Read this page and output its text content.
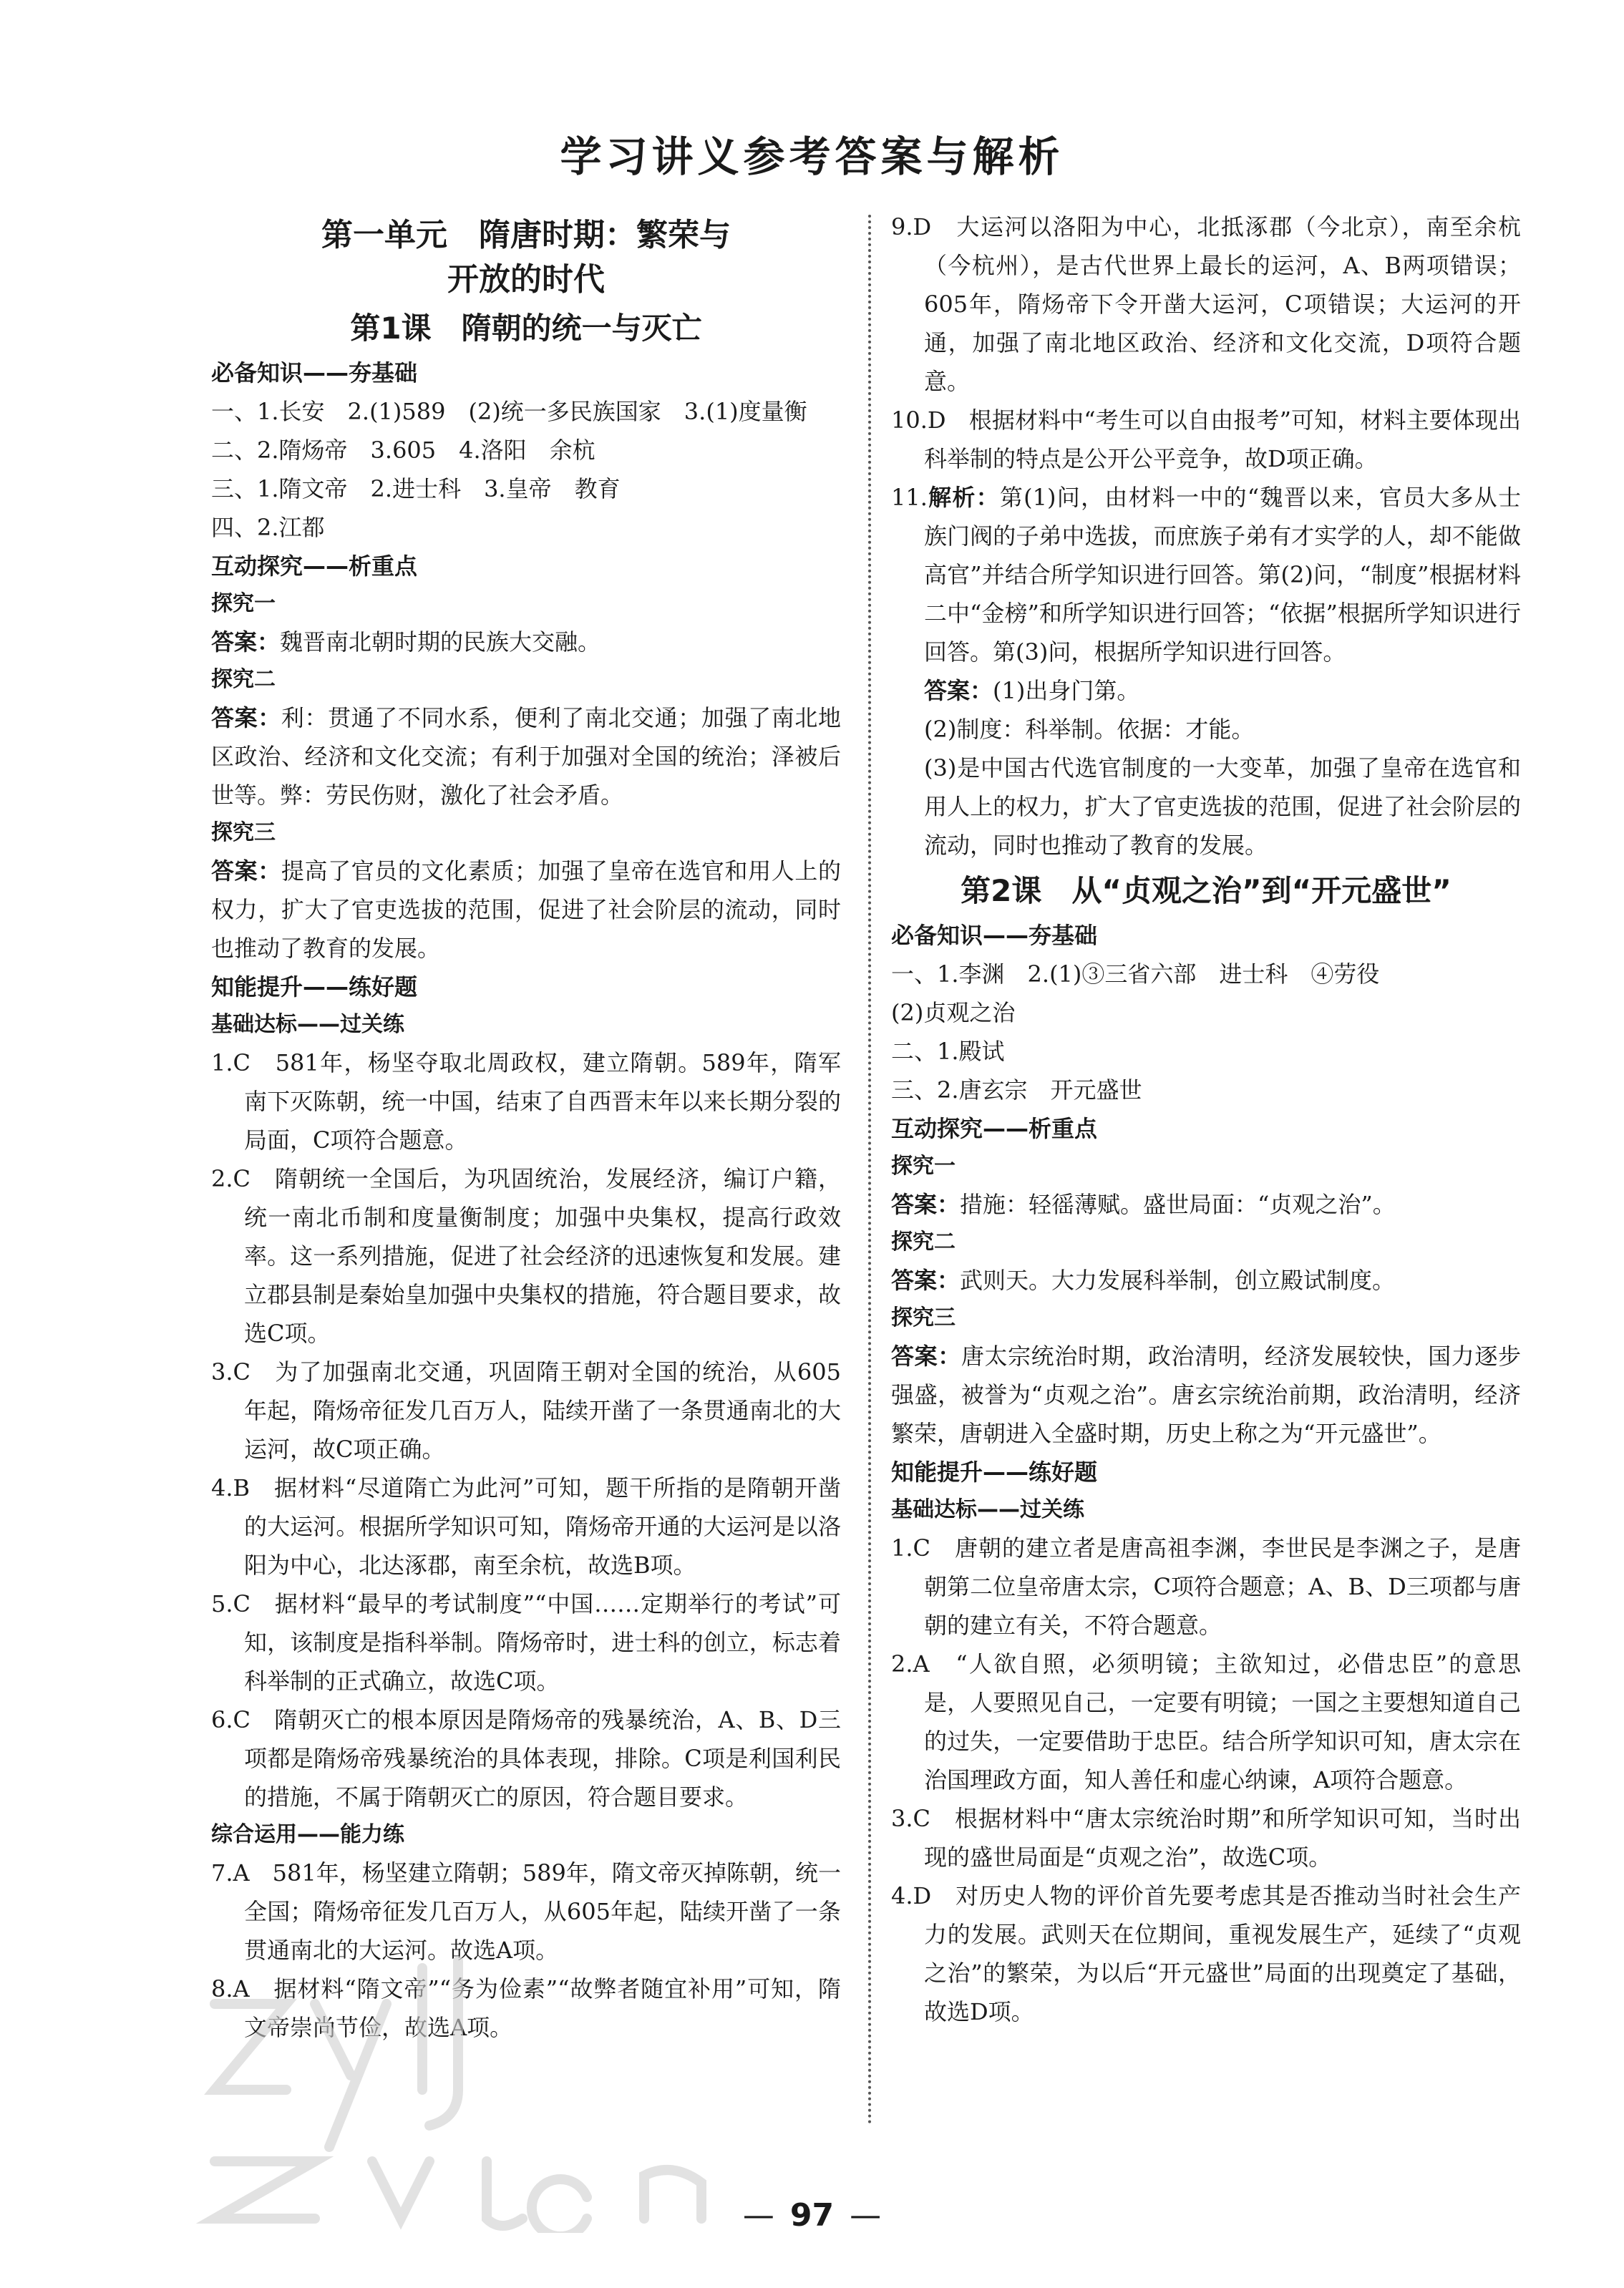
学习讲义参考答案与解析
第一单元　隋唐时期：繁荣与
开放的时代
第1课　隋朝的统一与灭亡
必备知识——夯基础

一、1.长安　2.(1)589　(2)统一多民族国家　3.(1)度量衡

二、2.隋炀帝　3.605　4.洛阳　余杭

三、1.隋文帝　2.进士科　3.皇帝　教育

四、2.江都

互动探究——析重点
探究一

答案：魏晋南北朝时期的民族大交融。

探究二

答案：利：贯通了不同水系，便利了南北交通；加强了南北地区政治、经济和文化交流；有利于加强对全国的统治；泽被后世等。弊：劳民伤财，激化了社会矛盾。

探究三

答案：提高了官员的文化素质；加强了皇帝在选官和用人上的权力，扩大了官吏选拔的范围，促进了社会阶层的流动，同时也推动了教育的发展。

知能提升——练好题
基础达标——过关练

1.C　581年，杨坚夺取北周政权，建立隋朝。589年，隋军南下灭陈朝，统一中国，结束了自西晋末年以来长期分裂的局面，C项符合题意。

2.C　隋朝统一全国后，为巩固统治，发展经济，编订户籍，统一南北币制和度量衡制度；加强中央集权，提高行政效率。这一系列措施，促进了社会经济的迅速恢复和发展。建立郡县制是秦始皇加强中央集权的措施，符合题目要求，故选C项。

3.C　为了加强南北交通，巩固隋王朝对全国的统治，从605年起，隋炀帝征发几百万人，陆续开凿了一条贯通南北的大运河，故C项正确。

4.B　据材料“尽道隋亡为此河”可知，题干所指的是隋朝开凿的大运河。根据所学知识可知，隋炀帝开通的大运河是以洛阳为中心，北达涿郡，南至余杭，故选B项。

5.C　据材料“最早的考试制度”“中国……定期举行的考试”可知，该制度是指科举制。隋炀帝时，进士科的创立，标志着科举制的正式确立，故选C项。

6.C　隋朝灭亡的根本原因是隋炀帝的残暴统治，A、B、D三项都是隋炀帝残暴统治的具体表现，排除。C项是利国利民的措施，不属于隋朝灭亡的原因，符合题目要求。

综合运用——能力练

7.A　581年，杨坚建立隋朝；589年，隋文帝灭掉陈朝，统一全国；隋炀帝征发几百万人，从605年起，陆续开凿了一条贯通南北的大运河。故选A项。

8.A　据材料“隋文帝”“务为俭素”“故弊者随宜补用”可知，隋文帝崇尚节俭，故选A项。

9.D　大运河以洛阳为中心，北抵涿郡（今北京），南至余杭（今杭州），是古代世界上最长的运河，A、B两项错误；605年，隋炀帝下令开凿大运河，C项错误；大运河的开通，加强了南北地区政治、经济和文化交流，D项符合题意。

10.D　根据材料中“考生可以自由报考”可知，材料主要体现出科举制的特点是公开公平竞争，故D项正确。

11.解析：第(1)问，由材料一中的“魏晋以来，官员大多从士族门阀的子弟中选拔，而庶族子弟有才实学的人，却不能做高官”并结合所学知识进行回答。第(2)问，“制度”根据材料二中“金榜”和所学知识进行回答；“依据”根据所学知识进行回答。第(3)问，根据所学知识进行回答。

答案：(1)出身门第。

(2)制度：科举制。依据：才能。

(3)是中国古代选官制度的一大变革，加强了皇帝在选官和用人上的权力，扩大了官吏选拔的范围，促进了社会阶层的流动，同时也推动了教育的发展。

第2课　从“贞观之治”到“开元盛世”
必备知识——夯基础

一、1.李渊　2.(1)③三省六部　进士科　④劳役

(2)贞观之治

二、1.殿试

三、2.唐玄宗　开元盛世

互动探究——析重点
探究一

答案：措施：轻徭薄赋。盛世局面：“贞观之治”。

探究二

答案：武则天。大力发展科举制，创立殿试制度。

探究三

答案：唐太宗统治时期，政治清明，经济发展较快，国力逐步强盛，被誉为“贞观之治”。唐玄宗统治前期，政治清明，经济繁荣，唐朝进入全盛时期，历史上称之为“开元盛世”。

知能提升——练好题
基础达标——过关练

1.C　唐朝的建立者是唐高祖李渊，李世民是李渊之子，是唐朝第二位皇帝唐太宗，C项符合题意；A、B、D三项都与唐朝的建立有关，不符合题意。

2.A　“人欲自照，必须明镜；主欲知过，必借忠臣”的意思是，人要照见自己，一定要有明镜；一国之主要想知道自己的过失，一定要借助于忠臣。结合所学知识可知，唐太宗在治国理政方面，知人善任和虚心纳谏，A项符合题意。

3.C　根据材料中“唐太宗统治时期”和所学知识可知，当时出现的盛世局面是“贞观之治”，故选C项。

4.D　对历史人物的评价首先要考虑其是否推动当时社会生产力的发展。武则天在位期间，重视发展生产，延续了“贞观之治”的繁荣，为以后“开元盛世”局面的出现奠定了基础，故选D项。

— 97 —
